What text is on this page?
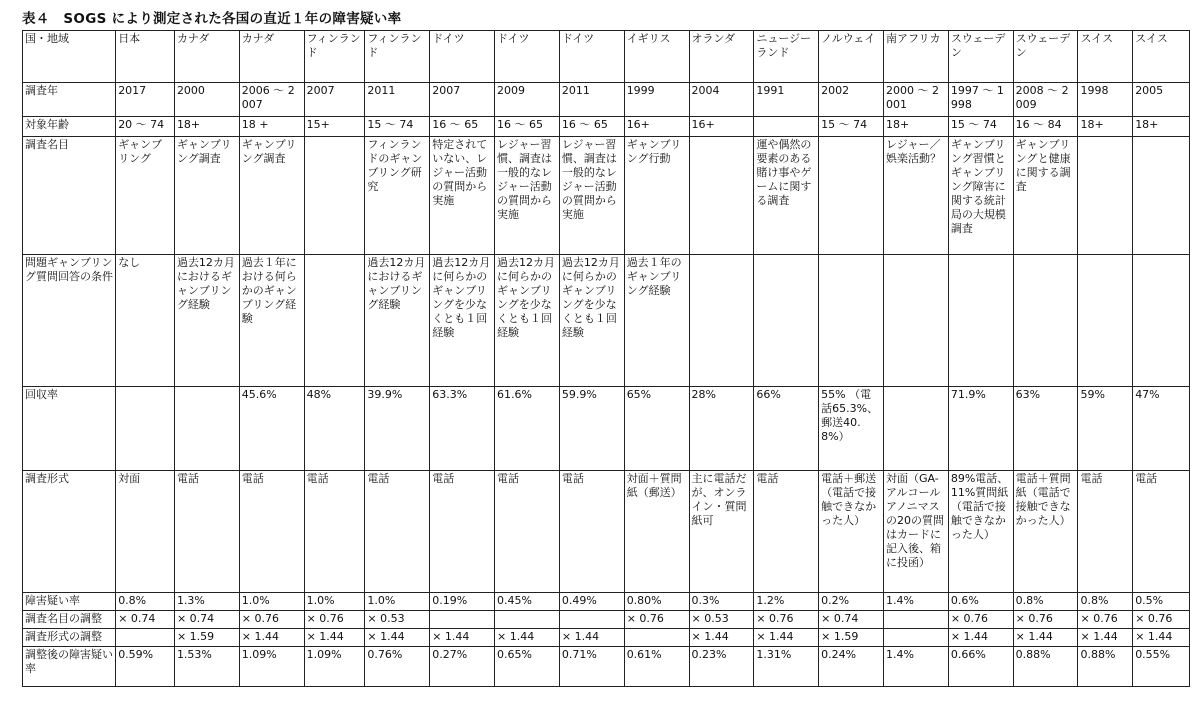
表４　SOGS により測定された各国の直近１年の障害疑い率
国・地域	日本	カナダ	カナダ	フィンランド	フィンランド	ドイツ	ドイツ	ドイツ	イギリス	オランダ	ニュージーランド	ノルウェイ	南アフリカ	スウェーデン	スウェーデン	スイス	スイス
調査年	2017	2000	2006 ～ 2007	2007	2011	2007	2009	2011	1999	2004	1991	2002	2000 ～ 2001	1997 ～ 1998	2008 ～ 2009	1998	2005
対象年齢	20 ～ 74	18+	18 +	15+	15 ～ 74	16 ～ 65	16 ～ 65	16 ～ 65	16+	16+		15 ～ 74	18+	15 ～ 74	16 ～ 84	18+	18+
調査名目	ギャンブリング	ギャンブリング調査	ギャンブリング調査		フィンランドのギャンブリング研究	特定されていない、レジャー活動の質問から実施	レジャー習慣、調査は一般的なレジャー活動の質問から実施	レジャー習慣、調査は一般的なレジャー活動の質問から実施	ギャンブリング行動		運や偶然の要素のある賭け事やゲームに関する調査		レジャー／娯楽活動？	ギャンブリング習慣とギャンブリング障害に関する統計局の大規模調査	ギャンブリングと健康に関する調査		
問題ギャンブリング質問回答の条件	なし	過去12カ月におけるギャンブリング経験	過去１年における何らかのギャンブリング経験		過去12カ月におけるギャンブリング経験	過去12カ月に何らかのギャンブリングを少なくとも１回経験	過去12カ月に何らかのギャンブリングを少なくとも１回経験	過去12カ月に何らかのギャンブリングを少なくとも１回経験	過去１年のギャンブリング経験								
回収率			45.6%	48%	39.9%	63.3%	61.6%	59.9%	65%	28%	66%	55% （電話65.3%、郵送40.8%）		71.9%	63%	59%	47%
調査形式	対面	電話	電話	電話	電話	電話	電話	電話	対面＋質問紙（郵送）	主に電話だが、オンライン・質問紙可	電話	電話＋郵送（電話で接触できなかった人）	対面（GA-アルコールアノニマスの20の質問はカードに記入後、箱に投函）	89%電話、11%質問紙（電話で接触できなかった人）	電話＋質問紙（電話で接触できなかった人）	電話	電話
障害疑い率	0.8%	1.3%	1.0%	1.0%	1.0%	0.19%	0.45%	0.49%	0.80%	0.3%	1.2%	0.2%	1.4%	0.6%	0.8%	0.8%	0.5%
調査名目の調整	× 0.74	× 0.74	× 0.76	× 0.76	× 0.53				× 0.76	× 0.53	× 0.76	× 0.74		× 0.76	× 0.76	× 0.76	× 0.76
調査形式の調整		× 1.59	× 1.44	× 1.44	× 1.44	× 1.44	× 1.44	× 1.44		× 1.44	× 1.44	× 1.59		× 1.44	× 1.44	× 1.44	× 1.44
調整後の障害疑い率	0.59%	1.53%	1.09%	1.09%	0.76%	0.27%	0.65%	0.71%	0.61%	0.23%	1.31%	0.24%	1.4%	0.66%	0.88%	0.88%	0.55%
